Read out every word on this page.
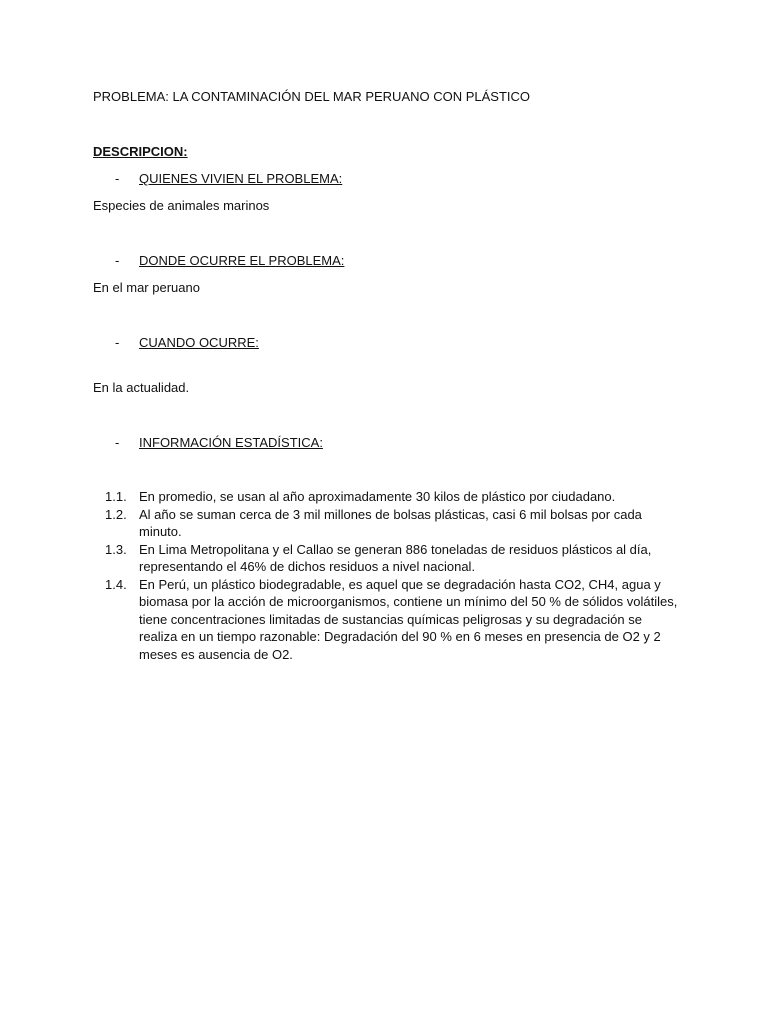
PROBLEMA: LA CONTAMINACIÓN DEL MAR PERUANO CON PLÁSTICO
DESCRIPCION:
- QUIENES VIVIEN EL PROBLEMA:
Especies de animales marinos
- DONDE OCURRE EL PROBLEMA:
En el mar peruano
- CUANDO OCURRE:
En la actualidad.
- INFORMACIÓN ESTADÍSTICA:
1.1. En promedio, se usan al año aproximadamente 30 kilos de plástico por ciudadano.
1.2. Al año se suman cerca de 3 mil millones de bolsas plásticas, casi 6 mil bolsas por cada minuto.
1.3. En Lima Metropolitana y el Callao se generan 886 toneladas de residuos plásticos al día, representando el 46% de dichos residuos a nivel nacional.
1.4. En Perú, un plástico biodegradable, es aquel que se degradación hasta CO2, CH4, agua y biomasa por la acción de microorganismos, contiene un mínimo del 50 % de sólidos volátiles, tiene concentraciones limitadas de sustancias químicas peligrosas y su degradación se realiza en un tiempo razonable: Degradación del 90 % en 6 meses en presencia de O2 y 2 meses es ausencia de O2.
